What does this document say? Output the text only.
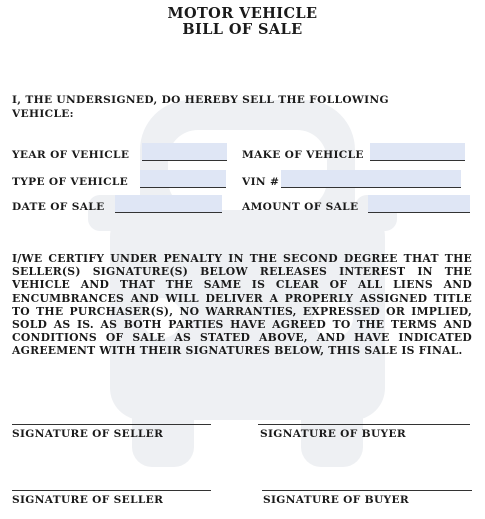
MOTOR VEHICLE
BILL OF SALE
I, THE UNDERSIGNED, DO HEREBY SELL THE FOLLOWING
VEHICLE:
YEAR OF VEHICLE	MAKE OF VEHICLE
TYPE OF VEHICLE	VIN #
DATE OF SALE	AMOUNT OF SALE

I/WE CERTIFY UNDER PENALTY IN THE SECOND DEGREE THAT THE SELLER(S) SIGNATURE(S) BELOW RELEASES INTEREST IN THE VEHICLE AND THAT THE SAME IS CLEAR OF ALL LIENS AND ENCUMBRANCES AND WILL DELIVER A PROPERLY ASSIGNED TITLE TO THE PURCHASER(S), NO WARRANTIES, EXPRESSED OR IMPLIED, SOLD AS IS. AS BOTH PARTIES HAVE AGREED TO THE TERMS AND CONDITIONS OF SALE AS STATED ABOVE, AND HAVE INDICATED AGREEMENT WITH THEIR SIGNATURES BELOW, THIS SALE IS FINAL.

SIGNATURE OF SELLER	SIGNATURE OF BUYER
SIGNATURE OF SELLER	SIGNATURE OF BUYER
